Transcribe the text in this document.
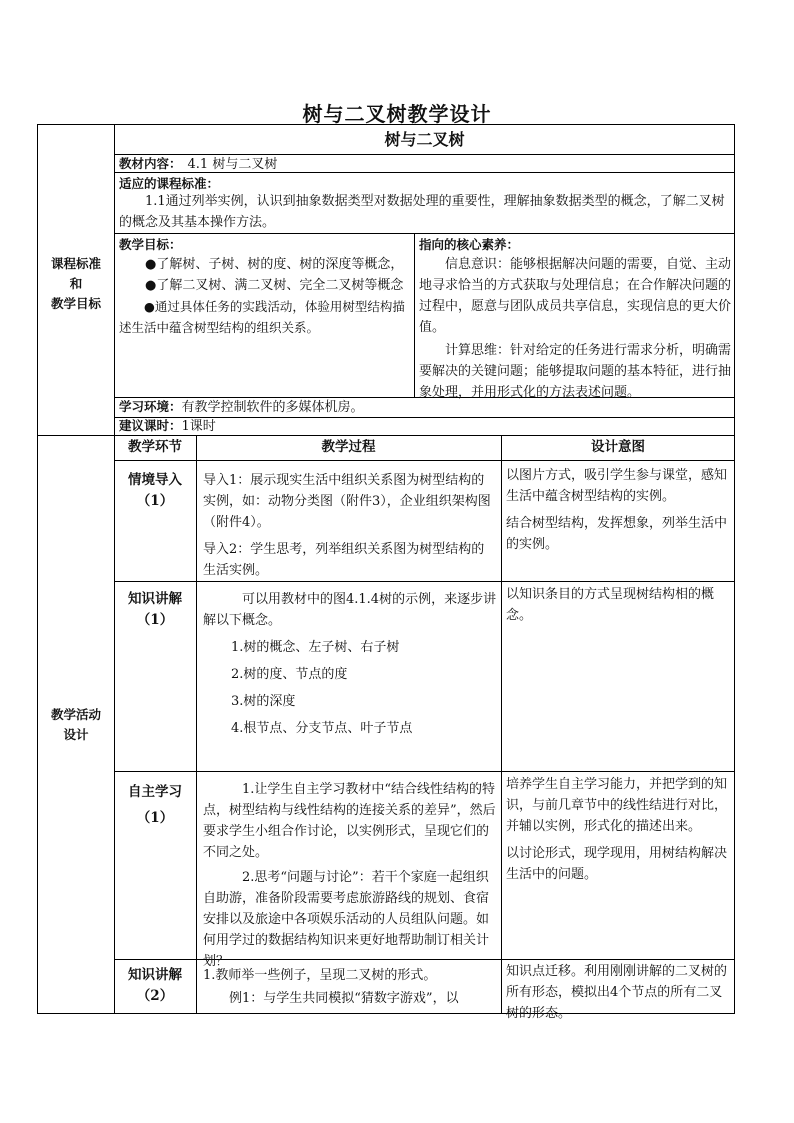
树与二叉树教学设计
课程标准
和
教学目标
教学活动
设计
树与二叉树
教材内容： 4.1 树与二叉树
适应的课程标准：
1.1通过列举实例，认识到抽象数据类型对数据处理的重要性，理解抽象数据类型的概念，了解二叉树的概念及其基本操作方法。
教学目标：
●了解树、子树、树的度、树的深度等概念，
●了解二叉树、满二叉树、完全二叉树等概念
●通过具体任务的实践活动，体验用树型结构描述生活中蕴含树型结构的组织关系。
指向的核心素养：
信息意识：能够根据解决问题的需要，自觉、主动地寻求恰当的方式获取与处理信息；在合作解决问题的过程中，愿意与团队成员共享信息，实现信息的更大价值。
计算思维：针对给定的任务进行需求分析，明确需要解决的关键问题；能够提取问题的基本特征，进行抽象处理，并用形式化的方法表述问题。
学习环境：有教学控制软件的多媒体机房。
建议课时：1课时
教学环节	教学过程	设计意图
情境导入
（1）
导入1：展示现实生活中组织关系图为树型结构的实例，如：动物分类图（附件3），企业组织架构图（附件4）。
导入2：学生思考，列举组织关系图为树型结构的生活实例。
以图片方式，吸引学生参与课堂，感知生活中蕴含树型结构的实例。
结合树型结构，发挥想象，列举生活中的实例。
知识讲解
（1）
可以用教材中的图4.1.4树的示例，来逐步讲解以下概念。
1.树的概念、左子树、右子树
2.树的度、节点的度
3.树的深度
4.根节点、分支节点、叶子节点
以知识条目的方式呈现树结构相的概念。
自主学习
（1）
1.让学生自主学习教材中“结合线性结构的特点，树型结构与线性结构的连接关系的差异”，然后要求学生小组合作讨论，以实例形式，呈现它们的不同之处。
2.思考“问题与讨论”：若干个家庭一起组织自助游，准备阶段需要考虑旅游路线的规划、食宿安排以及旅途中各项娱乐活动的人员组队问题。如何用学过的数据结构知识来更好地帮助制订相关计划？
培养学生自主学习能力，并把学到的知识，与前几章节中的线性结进行对比，并辅以实例，形式化的描述出来。
以讨论形式，现学现用，用树结构解决生活中的问题。
知识讲解
（2）
1.教师举一些例子，呈现二叉树的形式。
例1：与学生共同模拟“猜数字游戏”，以
知识点迁移。利用刚刚讲解的二叉树的所有形态，模拟出4个节点的所有二叉树的形态。
